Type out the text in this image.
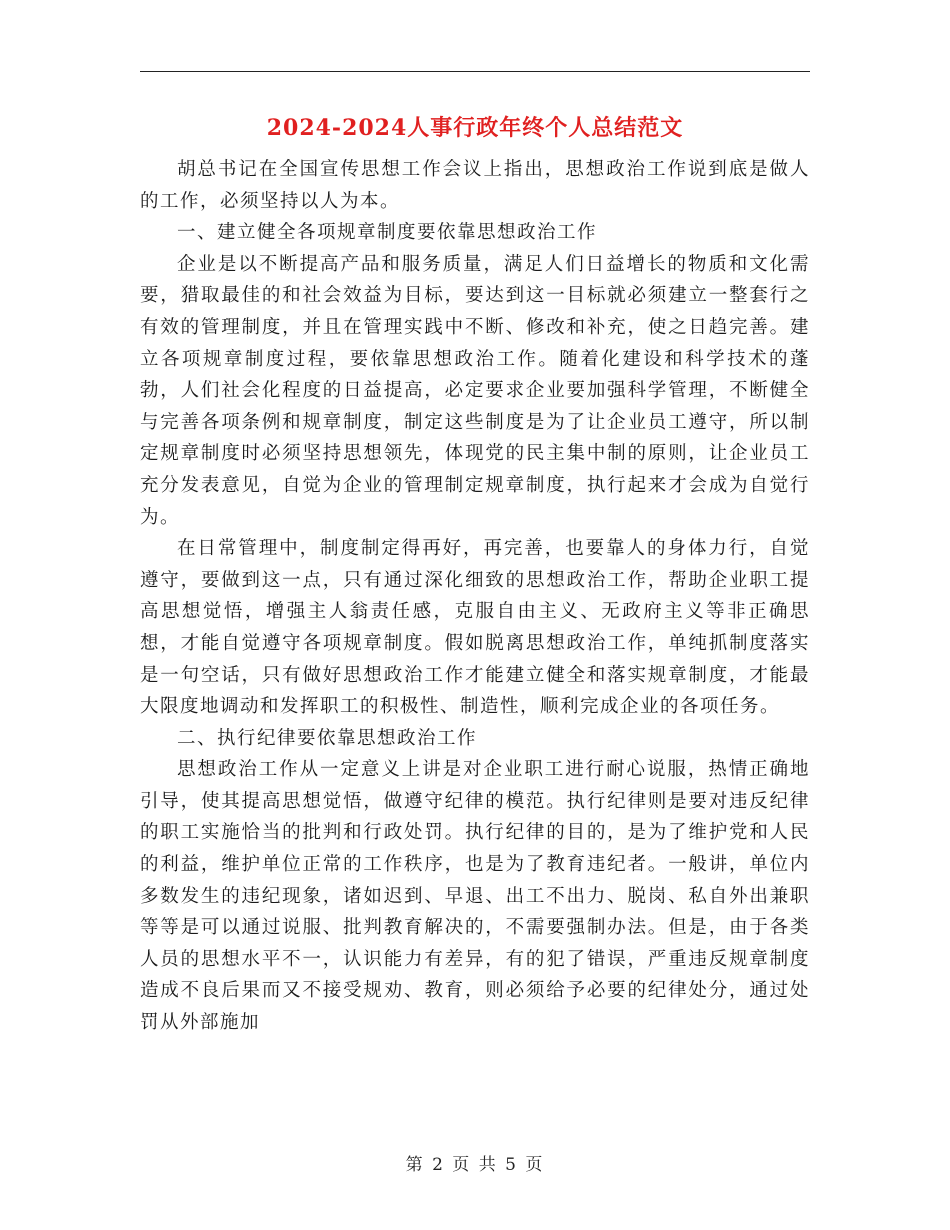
2024-2024人事行政年终个人总结范文

胡总书记在全国宣传思想工作会议上指出，思想政治工作说到底是做人的工作，必须坚持以人为本。

一、建立健全各项规章制度要依靠思想政治工作

企业是以不断提高产品和服务质量，满足人们日益增长的物质和文化需要，猎取最佳的和社会效益为目标，要达到这一目标就必须建立一整套行之有效的管理制度，并且在管理实践中不断、修改和补充，使之日趋完善。建立各项规章制度过程，要依靠思想政治工作。随着化建设和科学技术的蓬勃，人们社会化程度的日益提高，必定要求企业要加强科学管理，不断健全与完善各项条例和规章制度，制定这些制度是为了让企业员工遵守，所以制定规章制度时必须坚持思想领先，体现党的民主集中制的原则，让企业员工充分发表意见，自觉为企业的管理制定规章制度，执行起来才会成为自觉行为。

在日常管理中，制度制定得再好，再完善，也要靠人的身体力行，自觉遵守，要做到这一点，只有通过深化细致的思想政治工作，帮助企业职工提高思想觉悟，增强主人翁责任感，克服自由主义、无政府主义等非正确思想，才能自觉遵守各项规章制度。假如脱离思想政治工作，单纯抓制度落实是一句空话，只有做好思想政治工作才能建立健全和落实规章制度，才能最大限度地调动和发挥职工的积极性、制造性，顺利完成企业的各项任务。

二、执行纪律要依靠思想政治工作

思想政治工作从一定意义上讲是对企业职工进行耐心说服，热情正确地引导，使其提高思想觉悟，做遵守纪律的模范。执行纪律则是要对违反纪律的职工实施恰当的批判和行政处罚。执行纪律的目的，是为了维护党和人民的利益，维护单位正常的工作秩序，也是为了教育违纪者。一般讲，单位内多数发生的违纪现象，诸如迟到、早退、出工不出力、脱岗、私自外出兼职等等是可以通过说服、批判教育解决的，不需要强制办法。但是，由于各类人员的思想水平不一，认识能力有差异，有的犯了错误，严重违反规章制度造成不良后果而又不接受规劝、教育，则必须给予必要的纪律处分，通过处罚从外部施加

第 2 页 共 5 页
